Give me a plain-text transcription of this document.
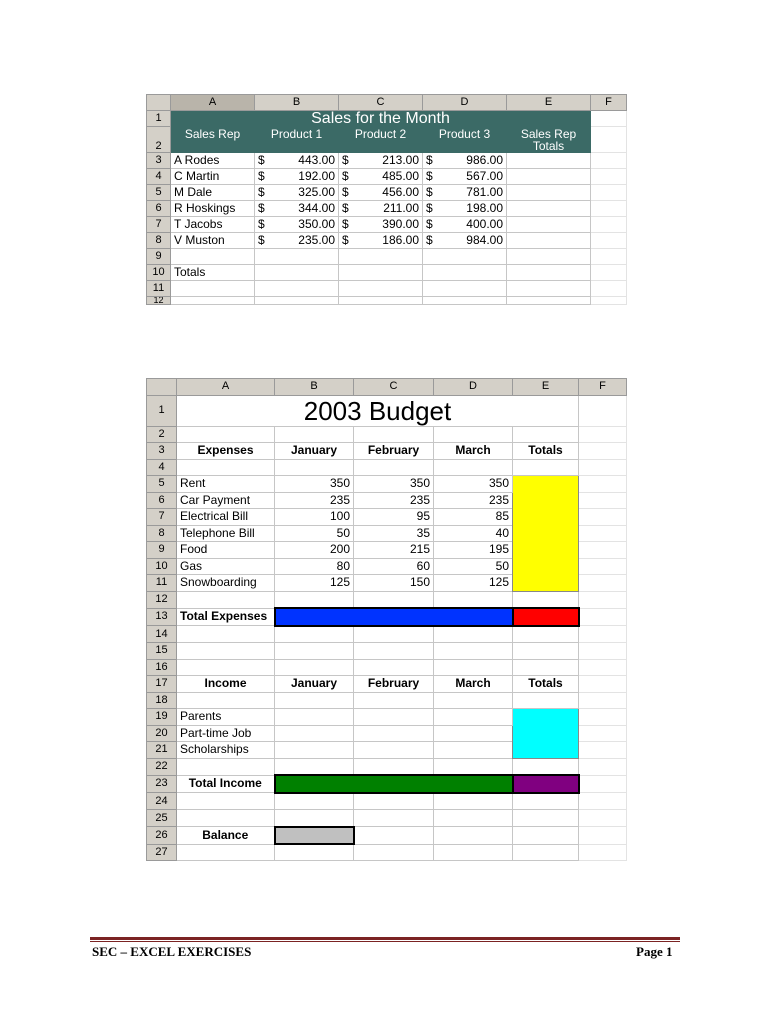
	A	B	C	D	E	F
1	Sales for the Month					
2	Sales Rep	Product 1	Product 2	Product 3	Sales Rep
Totals	

3	A Rodes	$ 443.00	$ 213.00	$ 986.00		

4	C Martin	$ 192.00	$ 485.00	$ 567.00		

5	M Dale	$ 325.00	$ 456.00	$ 781.00		

6	R Hoskings	$ 344.00	$ 211.00	$ 198.00		

7	T Jacobs	$ 350.00	$ 390.00	$ 400.00		

8	V Muston	$ 235.00	$ 186.00	$ 984.00		

9						
10	Totals					
11						
12						
	A	B	C	D	E	F
1	2003 Budget					
2						
3	Expenses	January	February	March	Totals	
4						
5	Rent	350	350	350		
6	Car Payment	235	235	235		
7	Electrical Bill	100	95	85		
8	Telephone Bill	50	35	40		
9	Food	200	215	195		
10	Gas	80	60	50		
11	Snowboarding	125	150	125		
12						
13	Total Expenses					
14						
15						
16						
17	Income	January	February	March	Totals	
18						
19	Parents					
20	Part-time Job					
21	Scholarships					
22						
23	Total Income					
24						
25						
26	Balance					
27						
SEC – EXCEL EXERCISES	Page 1
